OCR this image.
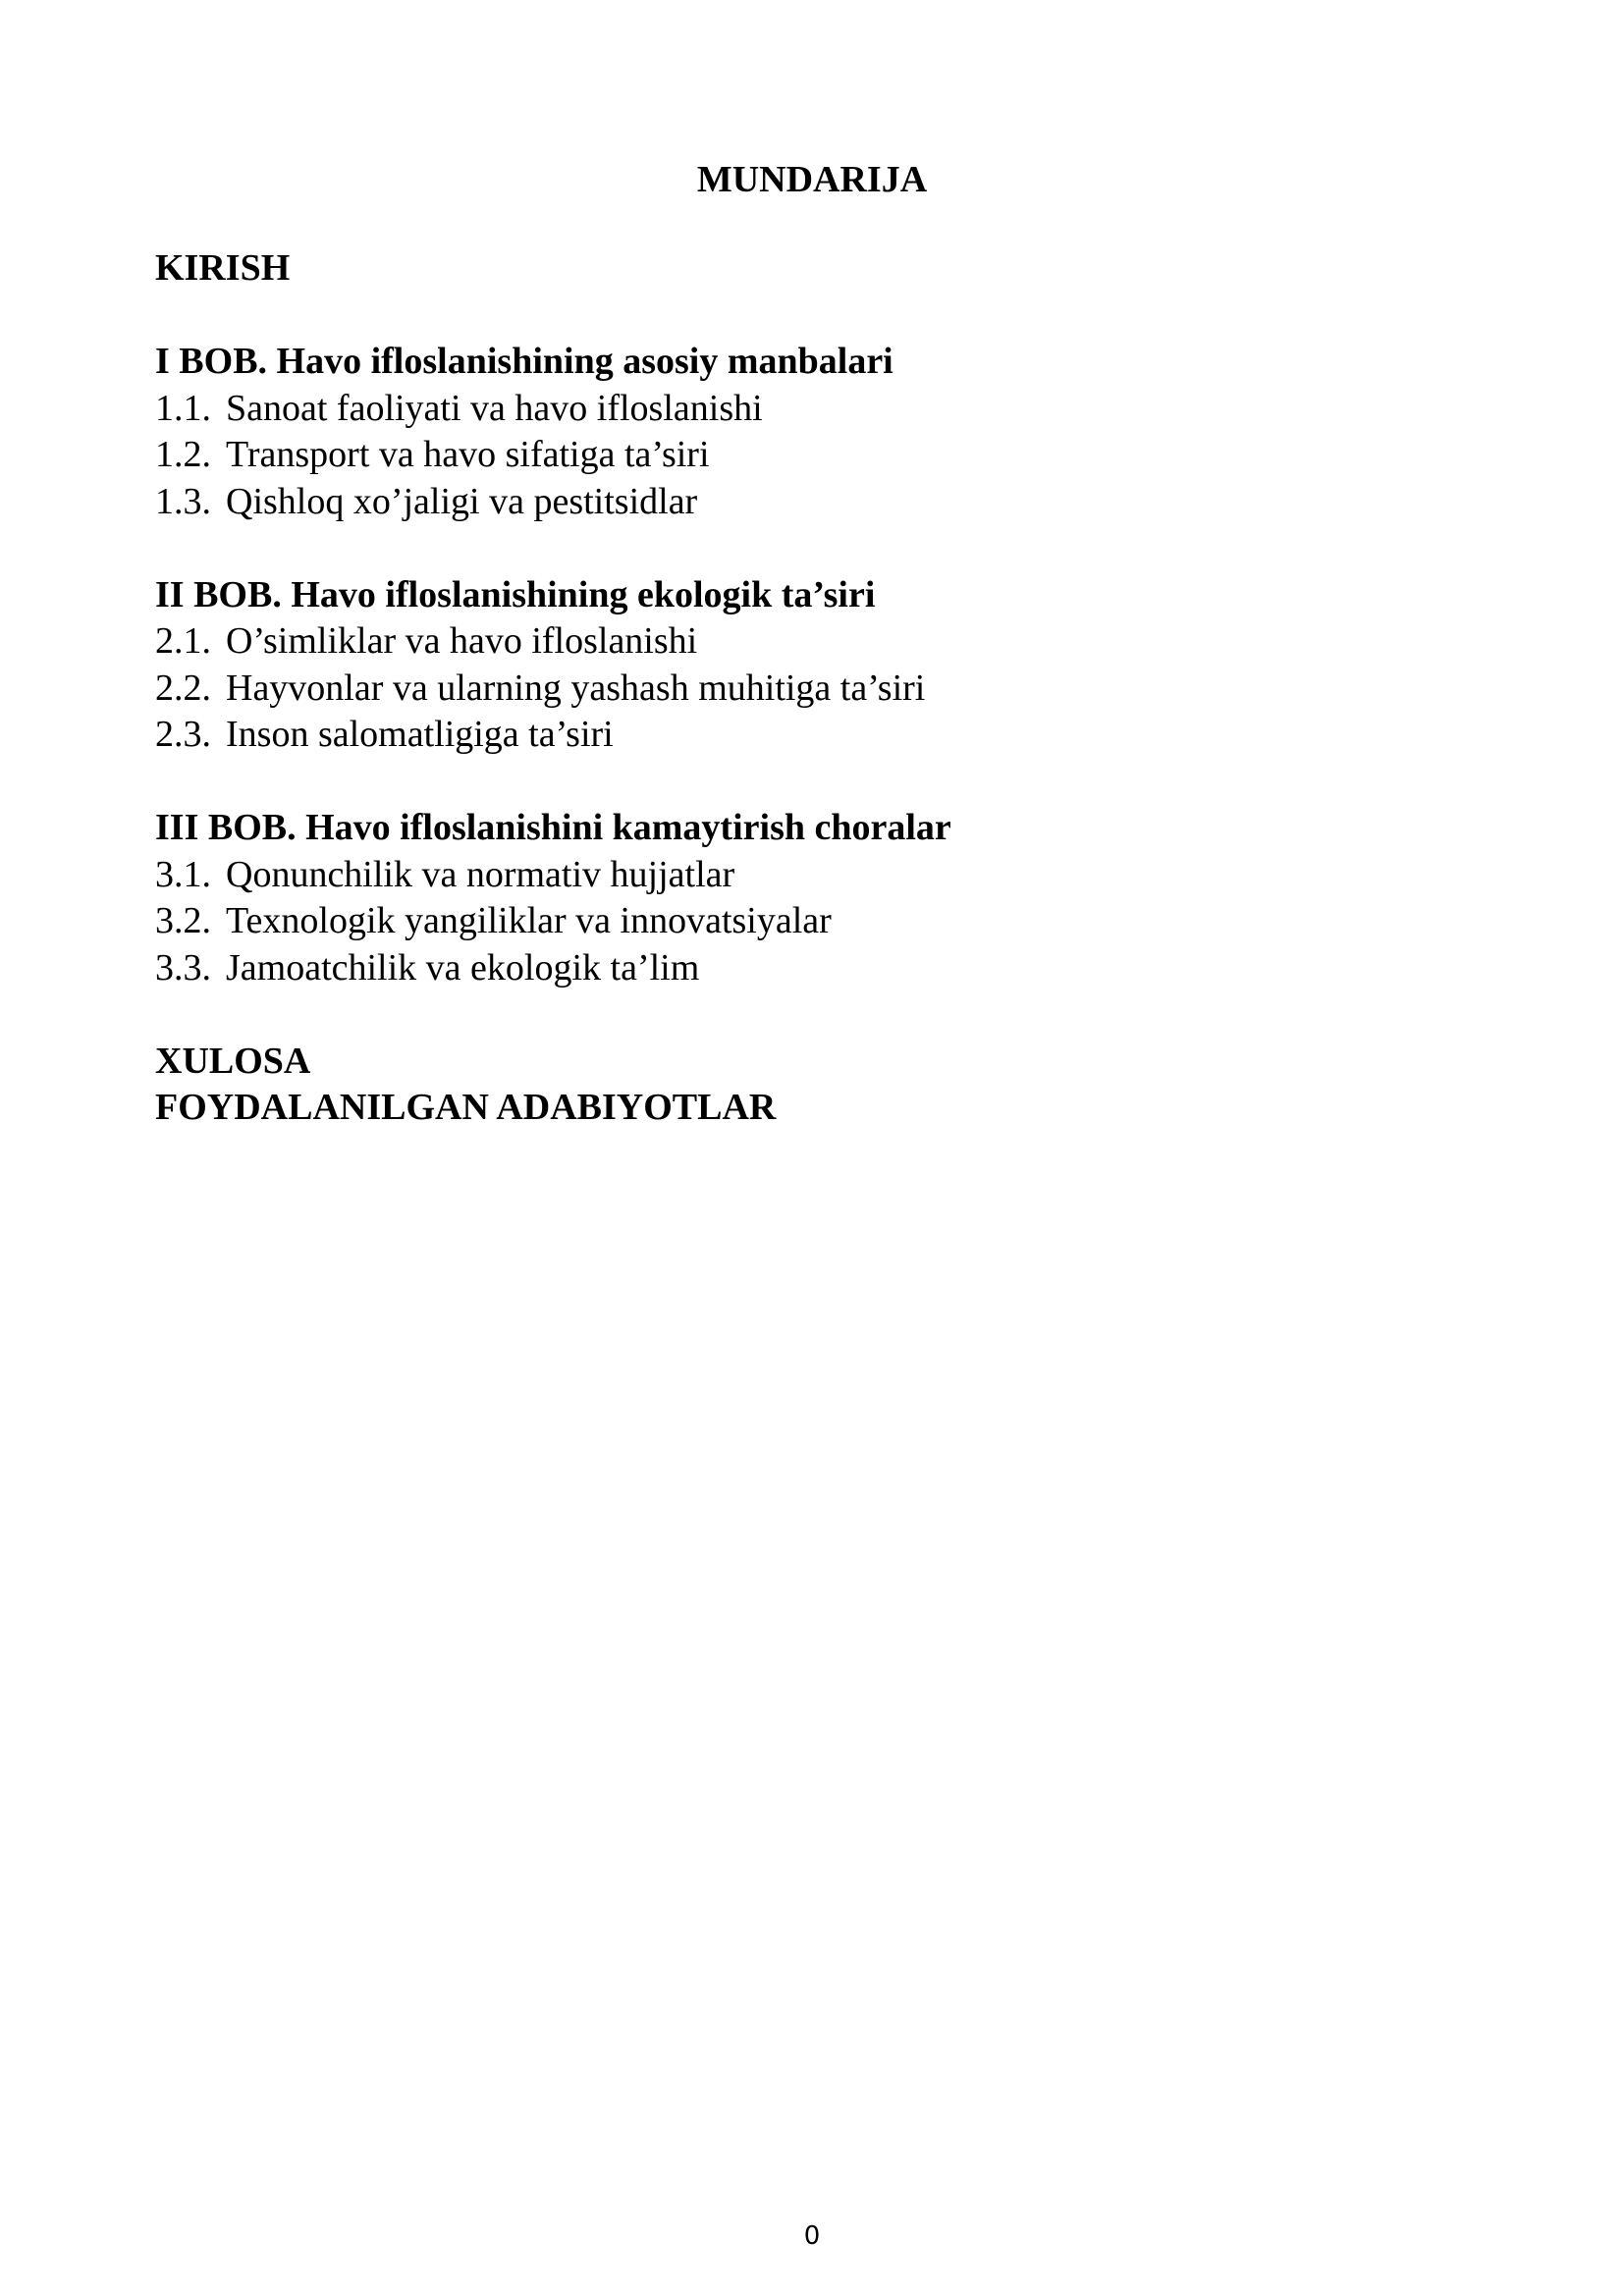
MUNDARIJA
KIRISH
I BOB. Havo ifloslanishining asosiy manbalari
1.1. Sanoat faoliyati va havo ifloslanishi
1.2. Transport va havo sifatiga ta’siri
1.3. Qishloq xo’jaligi va pestitsidlar
II BOB. Havo ifloslanishining ekologik ta’siri
2.1. O’simliklar va havo ifloslanishi
2.2. Hayvonlar va ularning yashash muhitiga ta’siri
2.3. Inson salomatligiga ta’siri
III BOB. Havo ifloslanishini kamaytirish choralar
3.1. Qonunchilik va normativ hujjatlar
3.2. Texnologik yangiliklar va innovatsiyalar
3.3. Jamoatchilik va ekologik ta’lim
XULOSA
FOYDALANILGAN ADABIYOTLAR
0
